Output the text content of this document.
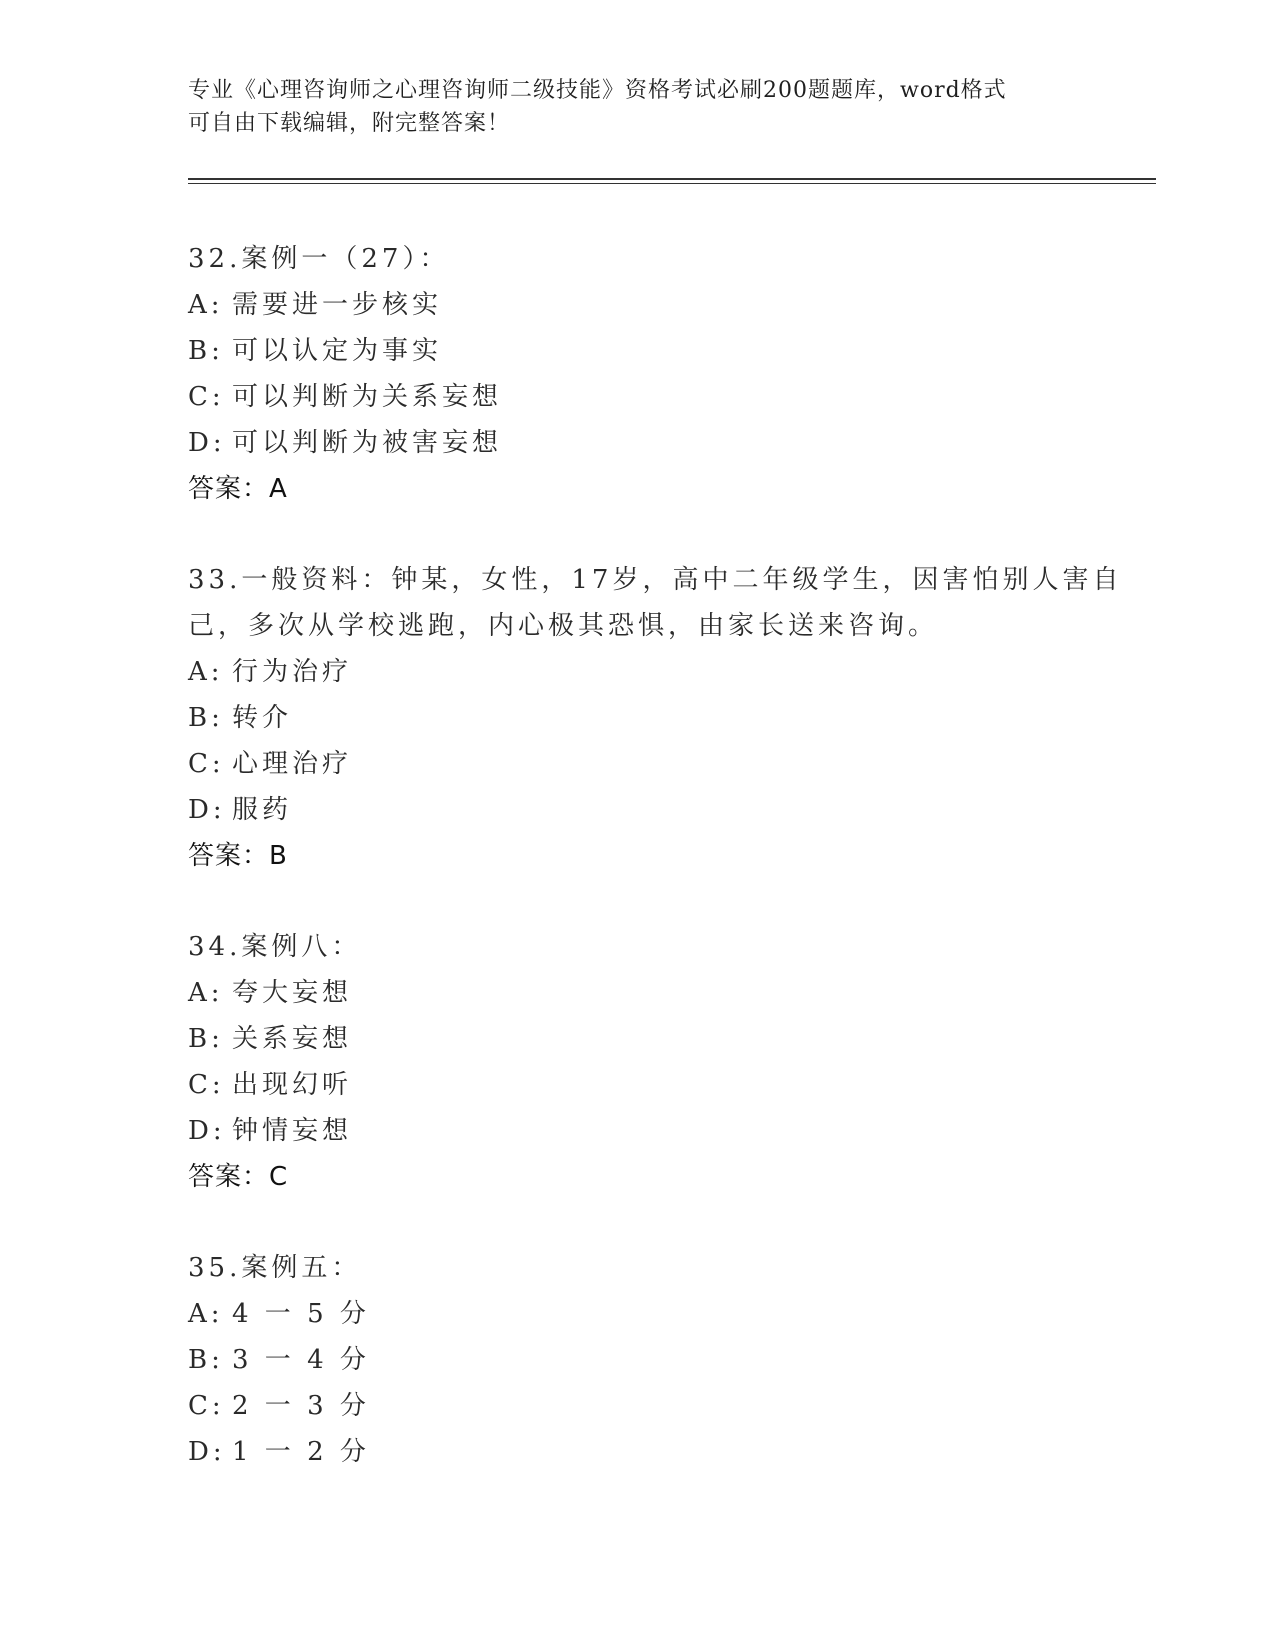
专业《心理咨询师之心理咨询师二级技能》资格考试必刷200题题库，word格式
可自由下载编辑，附完整答案！
32.案例一（27）：
A: 需要进一步核实
B: 可以认定为事实
C: 可以判断为关系妄想
D: 可以判断为被害妄想
答案：A
33.一般资料：钟某，女性，17岁，高中二年级学生，因害怕别人害自
己，多次从学校逃跑，内心极其恐惧，由家长送来咨询。
A: 行为治疗
B: 转介
C: 心理治疗
D: 服药
答案：B
34.案例八：
A: 夸大妄想
B: 关系妄想
C: 出现幻听
D: 钟情妄想
答案：C
35.案例五：
A: 4 一 5 分
B: 3 一 4 分
C: 2 一 3 分
D: 1 一 2 分
